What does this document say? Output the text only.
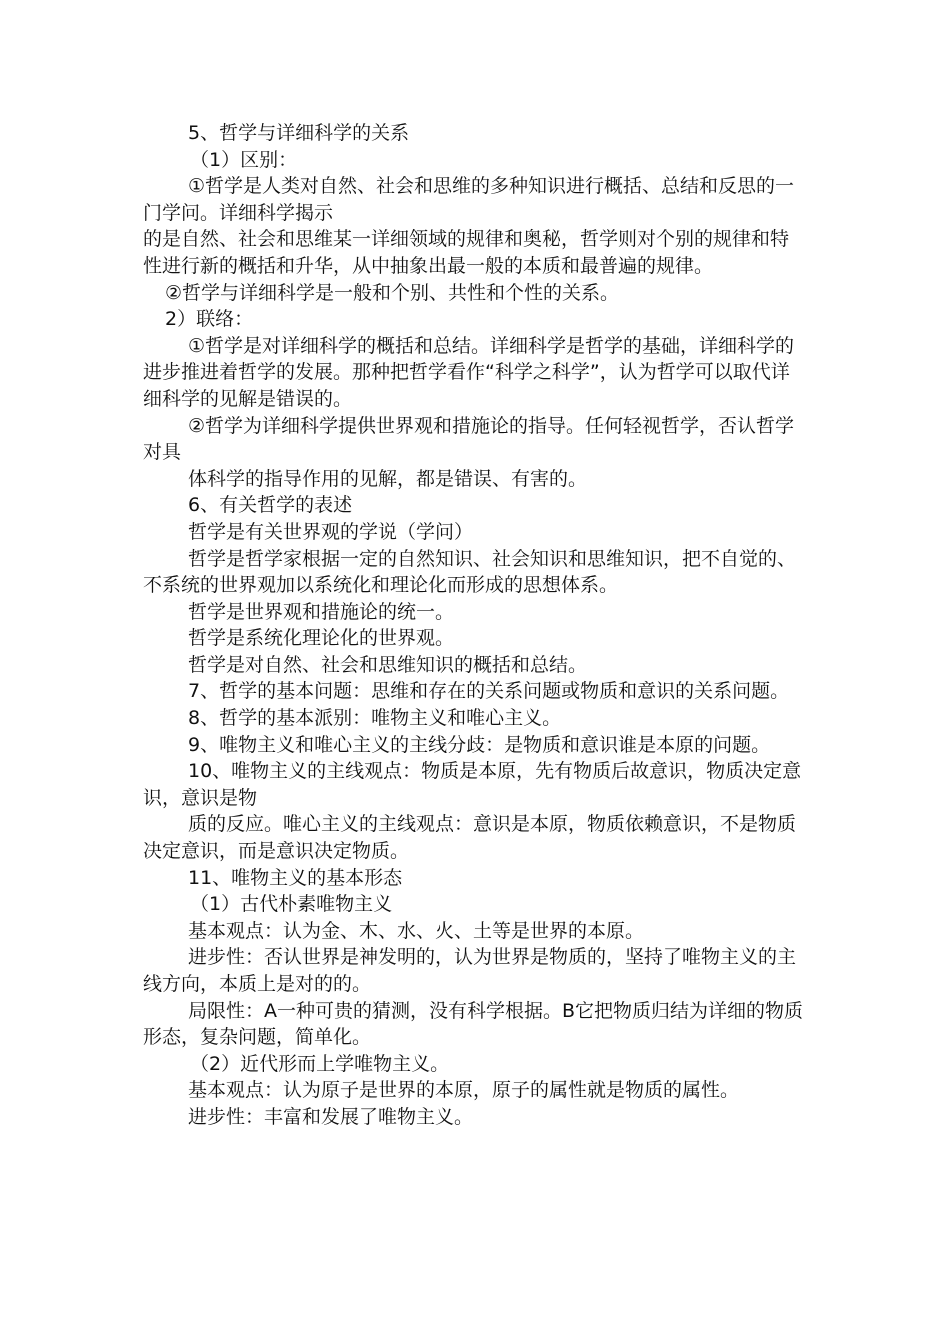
5、哲学与详细科学的关系

（1）区别：

①哲学是人类对自然、社会和思维的多种知识进行概括、总结和反思的一门学问。详细科学揭示

的是自然、社会和思维某一详细领域的规律和奥秘，哲学则对个别的规律和特性进行新的概括和升华，从中抽象出最一般的本质和最普遍的规律。

②哲学与详细科学是一般和个别、共性和个性的关系。

2）联络：

①哲学是对详细科学的概括和总结。详细科学是哲学的基础，详细科学的进步推进着哲学的发展。那种把哲学看作“科学之科学”，认为哲学可以取代详细科学的见解是错误的。

②哲学为详细科学提供世界观和措施论的指导。任何轻视哲学，否认哲学对具

体科学的指导作用的见解，都是错误、有害的。

6、有关哲学的表述

哲学是有关世界观的学说（学问）

哲学是哲学家根据一定的自然知识、社会知识和思维知识，把不自觉的、不系统的世界观加以系统化和理论化而形成的思想体系。

哲学是世界观和措施论的统一。

哲学是系统化理论化的世界观。

哲学是对自然、社会和思维知识的概括和总结。

7、哲学的基本问题：思维和存在的关系问题或物质和意识的关系问题。

8、哲学的基本派别：唯物主义和唯心主义。

9、唯物主义和唯心主义的主线分歧：是物质和意识谁是本原的问题。

10、唯物主义的主线观点：物质是本原，先有物质后故意识，物质决定意识，意识是物

质的反应。唯心主义的主线观点：意识是本原，物质依赖意识，不是物质决定意识，而是意识决定物质。

11、唯物主义的基本形态

（1）古代朴素唯物主义

基本观点：认为金、木、水、火、土等是世界的本原。

进步性：否认世界是神发明的，认为世界是物质的，坚持了唯物主义的主线方向，本质上是对的的。

局限性：A一种可贵的猜测，没有科学根据。B它把物质归结为详细的物质形态，复杂问题，简单化。

（2）近代形而上学唯物主义。

基本观点：认为原子是世界的本原，原子的属性就是物质的属性。

进步性：丰富和发展了唯物主义。
